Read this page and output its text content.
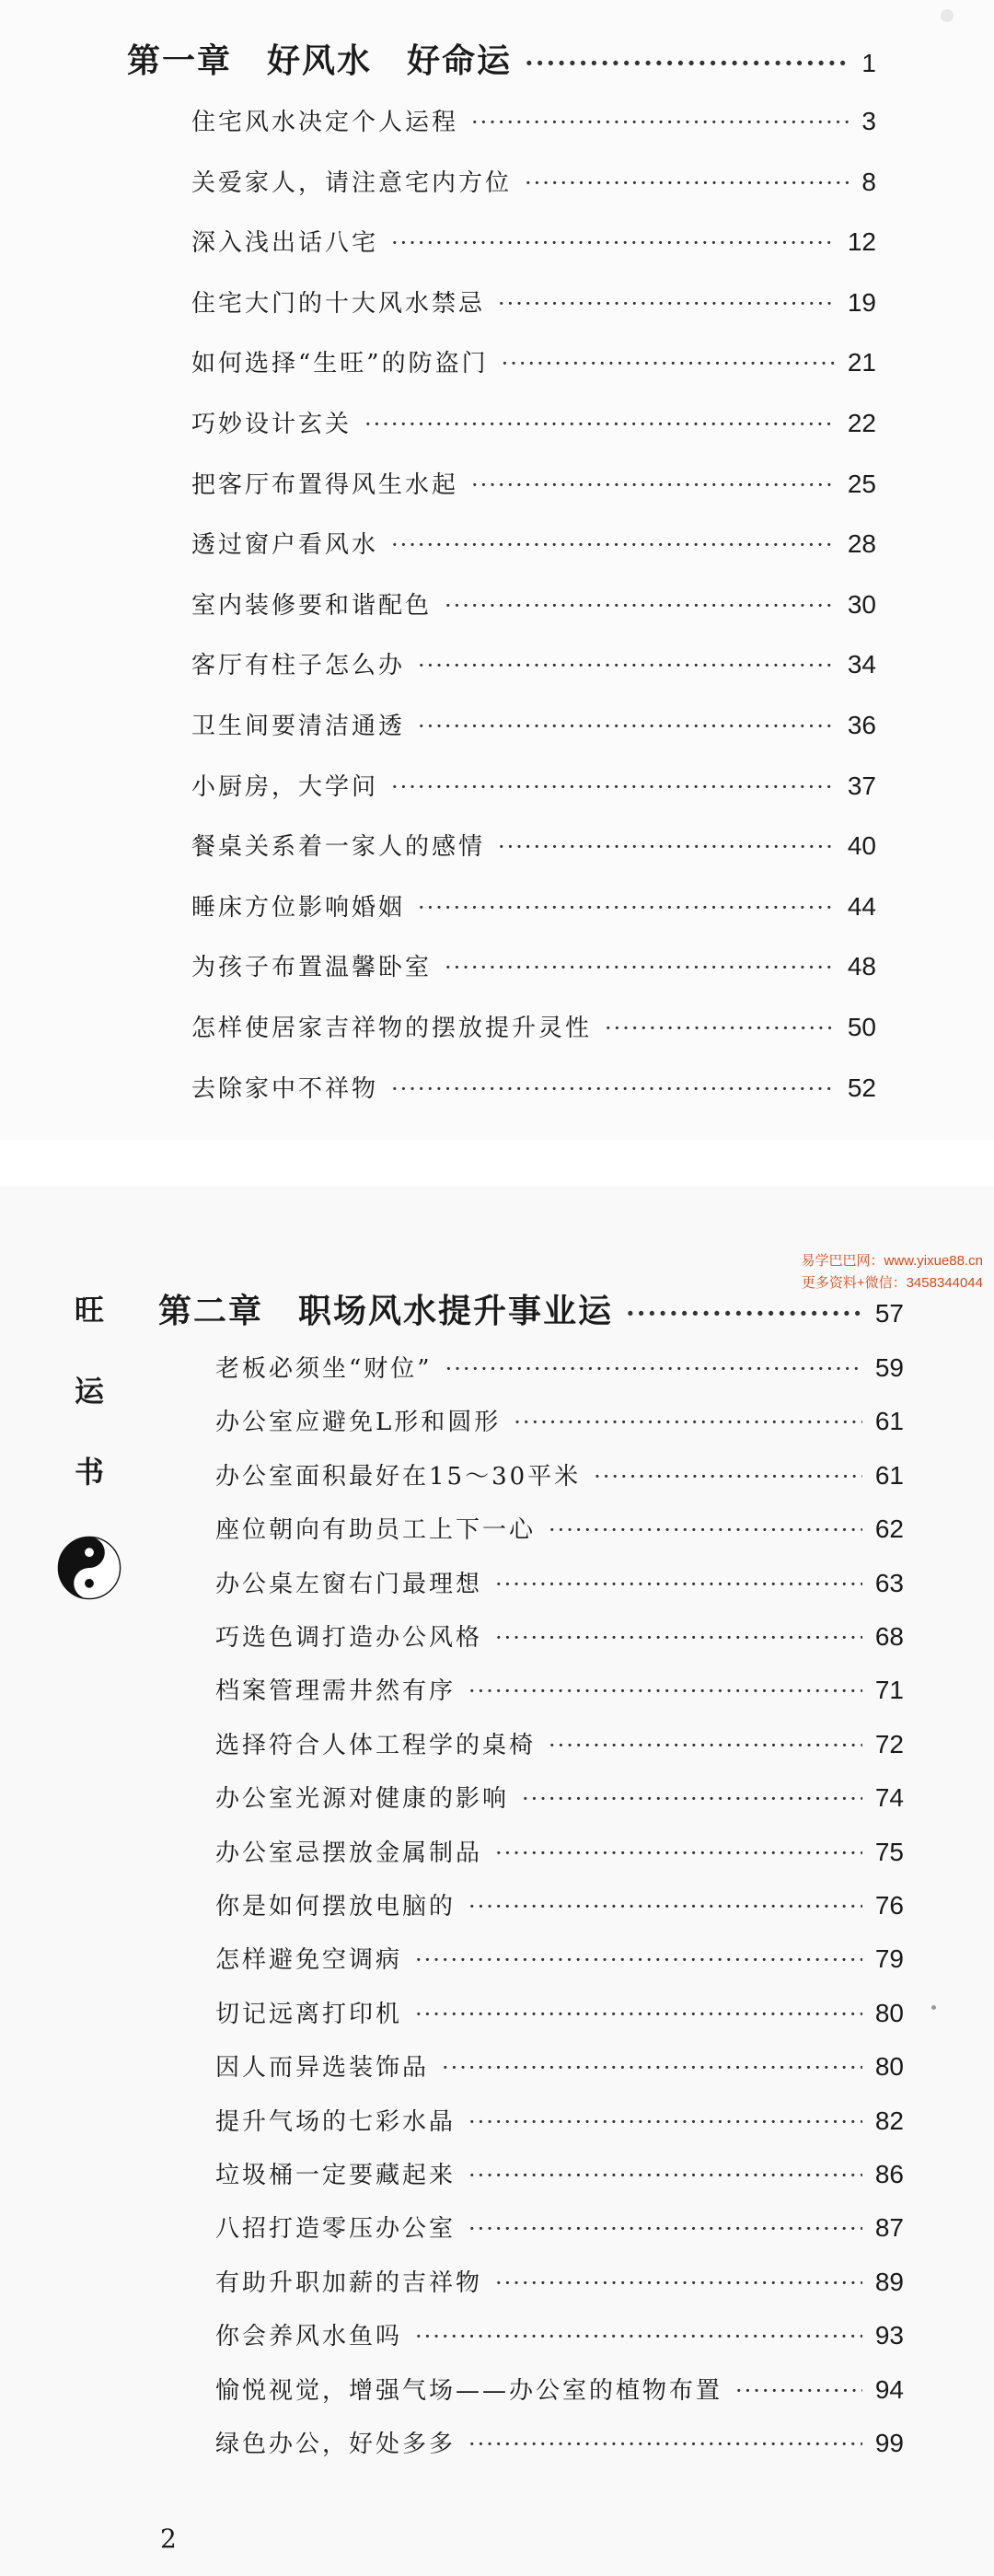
第一章　好风水　好命运 ·····	1
住宅风水决定个人运程 ·····	3
关爱家人，请注意宅内方位 ·····	8
深入浅出话八宅 ·····	12
住宅大门的十大风水禁忌 ·····	19
如何选择“生旺”的防盗门 ·····	21
巧妙设计玄关 ·····	22
把客厅布置得风生水起 ·····	25
透过窗户看风水 ·····	28
室内装修要和谐配色 ·····	30
客厅有柱子怎么办 ·····	34
卫生间要清洁通透 ·····	36
小厨房，大学问 ·····	37
餐桌关系着一家人的感情 ·····	40
睡床方位影响婚姻 ·····	44
为孩子布置温馨卧室 ·····	48
怎样使居家吉祥物的摆放提升灵性 ·····	50
去除家中不祥物 ·····	52
旺
运
书
易学巴巴网：www.yixue88.cn
更多资料+微信：3458344044
第二章　职场风水提升事业运 ·····	57
老板必须坐“财位” ·····	59
办公室应避免L形和圆形 ·····	61
办公室面积最好在15～30平米 ·····	61
座位朝向有助员工上下一心 ·····	62
办公桌左窗右门最理想 ·····	63
巧选色调打造办公风格 ·····	68
档案管理需井然有序 ·····	71
选择符合人体工程学的桌椅 ·····	72
办公室光源对健康的影响 ·····	74
办公室忌摆放金属制品 ·····	75
你是如何摆放电脑的 ·····	76
怎样避免空调病 ·····	79
切记远离打印机 ·····	80
因人而异选装饰品 ·····	80
提升气场的七彩水晶 ·····	82
垃圾桶一定要藏起来 ·····	86
八招打造零压办公室 ·····	87
有助升职加薪的吉祥物 ·····	89
你会养风水鱼吗 ·····	93
愉悦视觉，增强气场——办公室的植物布置 ·····	94
绿色办公，好处多多 ·····	99
2
